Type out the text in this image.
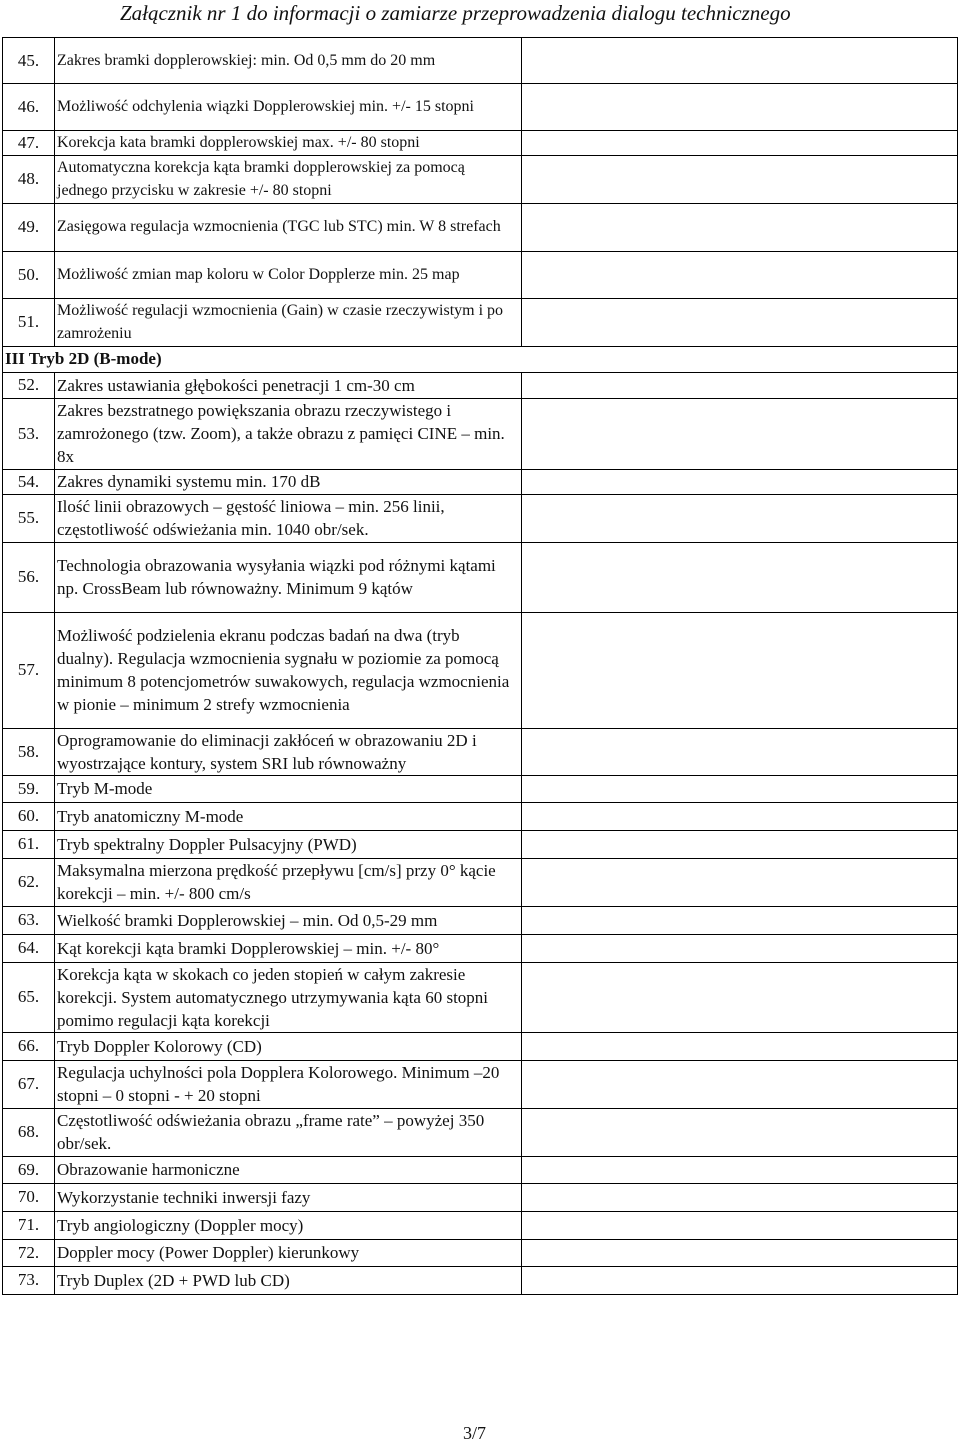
Załącznik nr 1 do informacji o zamiarze przeprowadzenia dialogu technicznego
45.	Zakres bramki dopplerowskiej: min. Od 0,5 mm do 20 mm	
46.	Możliwość odchylenia wiązki Dopplerowskiej min. +/- 15 stopni	
47.	Korekcja kata bramki dopplerowskiej max. +/- 80 stopni	
48.	Automatyczna korekcja kąta bramki dopplerowskiej za pomocą jednego przycisku w zakresie +/- 80 stopni	
49.	Zasięgowa regulacja wzmocnienia (TGC lub STC) min. W 8 strefach	
50.	Możliwość zmian map koloru w Color Dopplerze min. 25 map	
51.	Możliwość regulacji wzmocnienia (Gain) w czasie rzeczywistym i po zamrożeniu	
III Tryb 2D (B-mode)		
52.	Zakres ustawiania głębokości penetracji 1 cm-30 cm	
53.	Zakres bezstratnego powiększania obrazu rzeczywistego i zamrożonego (tzw. Zoom), a także obrazu z pamięci CINE – min. 8x	
54.	Zakres dynamiki systemu min. 170 dB	
55.	Ilość linii obrazowych – gęstość liniowa – min. 256 linii, częstotliwość odświeżania min. 1040 obr/sek.	
56.	Technologia obrazowania wysyłania wiązki pod różnymi kątami np. CrossBeam lub równoważny. Minimum 9 kątów	
57.	Możliwość podzielenia ekranu podczas badań na dwa (tryb dualny). Regulacja wzmocnienia sygnału w poziomie za pomocą minimum 8 potencjometrów suwakowych, regulacja wzmocnienia w pionie – minimum 2 strefy wzmocnienia	
58.	Oprogramowanie do eliminacji zakłóceń w obrazowaniu 2D i wyostrzające kontury, system SRI lub równoważny	
59.	Tryb M-mode	
60.	Tryb anatomiczny M-mode	
61.	Tryb spektralny Doppler Pulsacyjny (PWD)	
62.	Maksymalna mierzona prędkość przepływu [cm/s] przy 0° kącie korekcji – min. +/- 800 cm/s	
63.	Wielkość bramki Dopplerowskiej – min. Od 0,5-29 mm	
64.	Kąt korekcji kąta bramki Dopplerowskiej – min. +/- 80°	
65.	Korekcja kąta w skokach co jeden stopień w całym zakresie korekcji. System automatycznego utrzymywania kąta 60 stopni pomimo regulacji kąta korekcji	
66.	Tryb Doppler Kolorowy (CD)	
67.	Regulacja uchylności pola Dopplera Kolorowego. Minimum –20 stopni – 0 stopni - + 20 stopni	
68.	Częstotliwość odświeżania obrazu „frame rate” – powyżej 350 obr/sek.	
69.	Obrazowanie harmoniczne	
70.	Wykorzystanie techniki inwersji fazy	
71.	Tryb angiologiczny (Doppler mocy)	
72.	Doppler mocy (Power Doppler) kierunkowy	
73.	Tryb Duplex (2D + PWD lub CD)	
3/7
